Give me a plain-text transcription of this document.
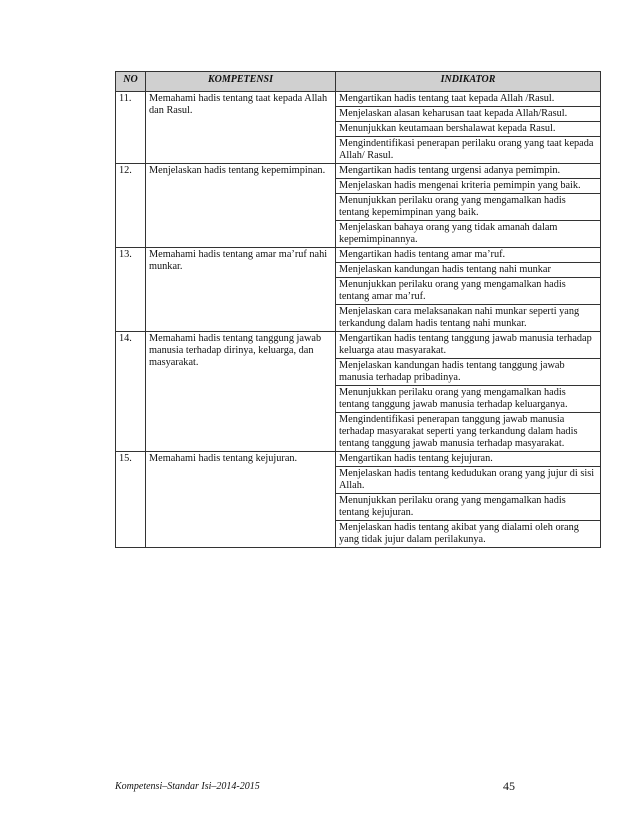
NO	KOMPETENSI	INDIKATOR
11.	Memahami hadis tentang taat kepada Allah dan Rasul.	Mengartikan hadis tentang taat kepada Allah /Rasul.
		Menjelaskan alasan keharusan taat kepada Allah/Rasul.
		Menunjukkan keutamaan bershalawat kepada Rasul.
		Mengindentifikasi penerapan perilaku orang yang taat kepada Allah/ Rasul.
12.	Menjelaskan hadis tentang kepemimpinan.	Mengartikan hadis tentang urgensi adanya pemimpin.
		Menjelaskan hadis mengenai kriteria pemimpin yang baik.
		Menunjukkan perilaku orang yang mengamalkan hadis tentang kepemimpinan yang baik.
		Menjelaskan bahaya orang yang tidak amanah dalam kepemimpinannya.
13.	Memahami hadis tentang amar ma’ruf nahi munkar.	Mengartikan hadis tentang amar ma’ruf.
		Menjelaskan kandungan hadis tentang nahi munkar
		Menunjukkan perilaku orang yang mengamalkan hadis tentang amar ma’ruf.
		Menjelaskan cara melaksanakan nahi munkar seperti yang terkandung dalam hadis tentang nahi munkar.
14.	Memahami hadis tentang tanggung jawab manusia terhadap dirinya, keluarga, dan masyarakat.	Mengartikan hadis tentang tanggung jawab manusia terhadap keluarga atau masyarakat.
		Menjelaskan kandungan hadis tentang tanggung jawab manusia terhadap pribadinya.
		Menunjukkan perilaku orang yang mengamalkan hadis tentang tanggung jawab manusia terhadap keluarganya.
		Mengindentifikasi penerapan tanggung jawab manusia terhadap masyarakat seperti yang terkandung dalam hadis tentang tanggung jawab manusia terhadap masyarakat.
15.	Memahami hadis tentang kejujuran.	Mengartikan hadis tentang kejujuran.
		Menjelaskan hadis tentang kedudukan orang yang jujur di sisi Allah.
		Menunjukkan perilaku orang yang mengamalkan hadis tentang kejujuran.
		Menjelaskan hadis tentang akibat yang dialami oleh orang yang tidak jujur dalam perilakunya.
Kompetensi–Standar Isi–2014-2015	45
